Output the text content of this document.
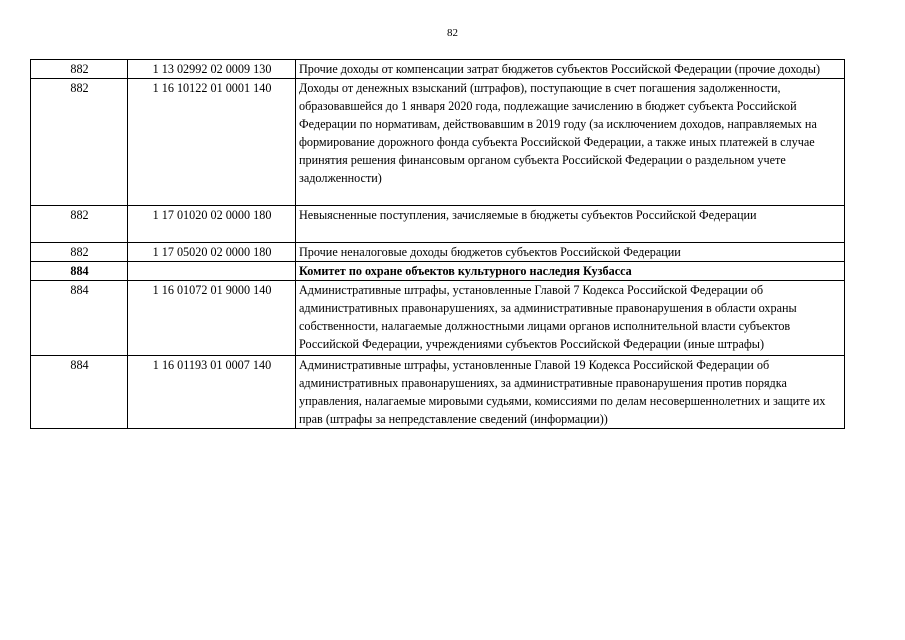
82
882	1 13 02992 02 0009 130	Прочие доходы от компенсации затрат бюджетов субъектов Российской Федерации (прочие доходы)
882	1 16 10122 01 0001 140	Доходы от денежных взысканий (штрафов), поступающие в счет погашения задолженности, образовавшейся до 1 января 2020 года, подлежащие зачислению в бюджет субъекта Российской Федерации по нормативам, действовавшим в 2019 году (за исключением доходов, направляемых на формирование дорожного фонда субъекта Российской Федерации, а также иных платежей в случае принятия решения финансовым органом субъекта Российской Федерации о раздельном учете задолженности)

882	1 17 01020 02 0000 180	Невыясненные поступления, зачисляемые в бюджеты субъектов Российской Федерации

882	1 17 05020 02 0000 180	Прочие неналоговые доходы бюджетов субъектов Российской Федерации
884		Комитет по охране объектов культурного наследия Кузбасса
884	1 16 01072 01 9000 140	Административные штрафы, установленные Главой 7 Кодекса Российской Федерации об административных правонарушениях, за административные правонарушения в области охраны собственности, налагаемые должностными лицами органов исполнительной власти субъектов Российской Федерации, учреждениями субъектов Российской Федерации (иные штрафы)

884	1 16 01193 01 0007 140	Административные штрафы, установленные Главой 19 Кодекса Российской Федерации об административных правонарушениях, за административные правонарушения против порядка управления, налагаемые мировыми судьями, комиссиями по делам несовершеннолетних и защите их прав (штрафы за непредставление сведений (информации))
